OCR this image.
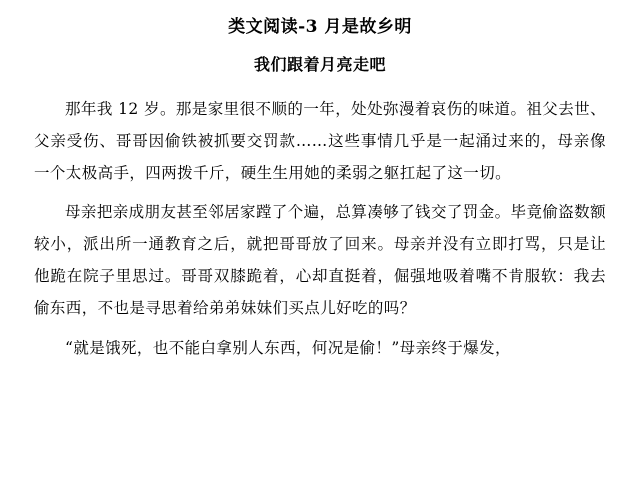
类文阅读-3 月是故乡明
我们跟着月亮走吧

那年我 12 岁。那是家里很不顺的一年，处处弥漫着哀伤的味道。祖父去世、父亲受伤、哥哥因偷铁被抓要交罚款……这些事情几乎是一起涌过来的，母亲像一个太极高手，四两拨千斤，硬生生用她的柔弱之躯扛起了这一切。

母亲把亲成朋友甚至邻居家蹚了个遍，总算凑够了钱交了罚金。毕竟偷盗数额较小，派出所一通教育之后，就把哥哥放了回来。母亲并没有立即打骂，只是让他跪在院子里思过。哥哥双膝跪着，心却直挺着，倔强地吸着嘴不肯服软：我去偷东西，不也是寻思着给弟弟妹妹们买点儿好吃的吗？

“就是饿死，也不能白拿别人东西，何况是偷！”母亲终于爆发，
